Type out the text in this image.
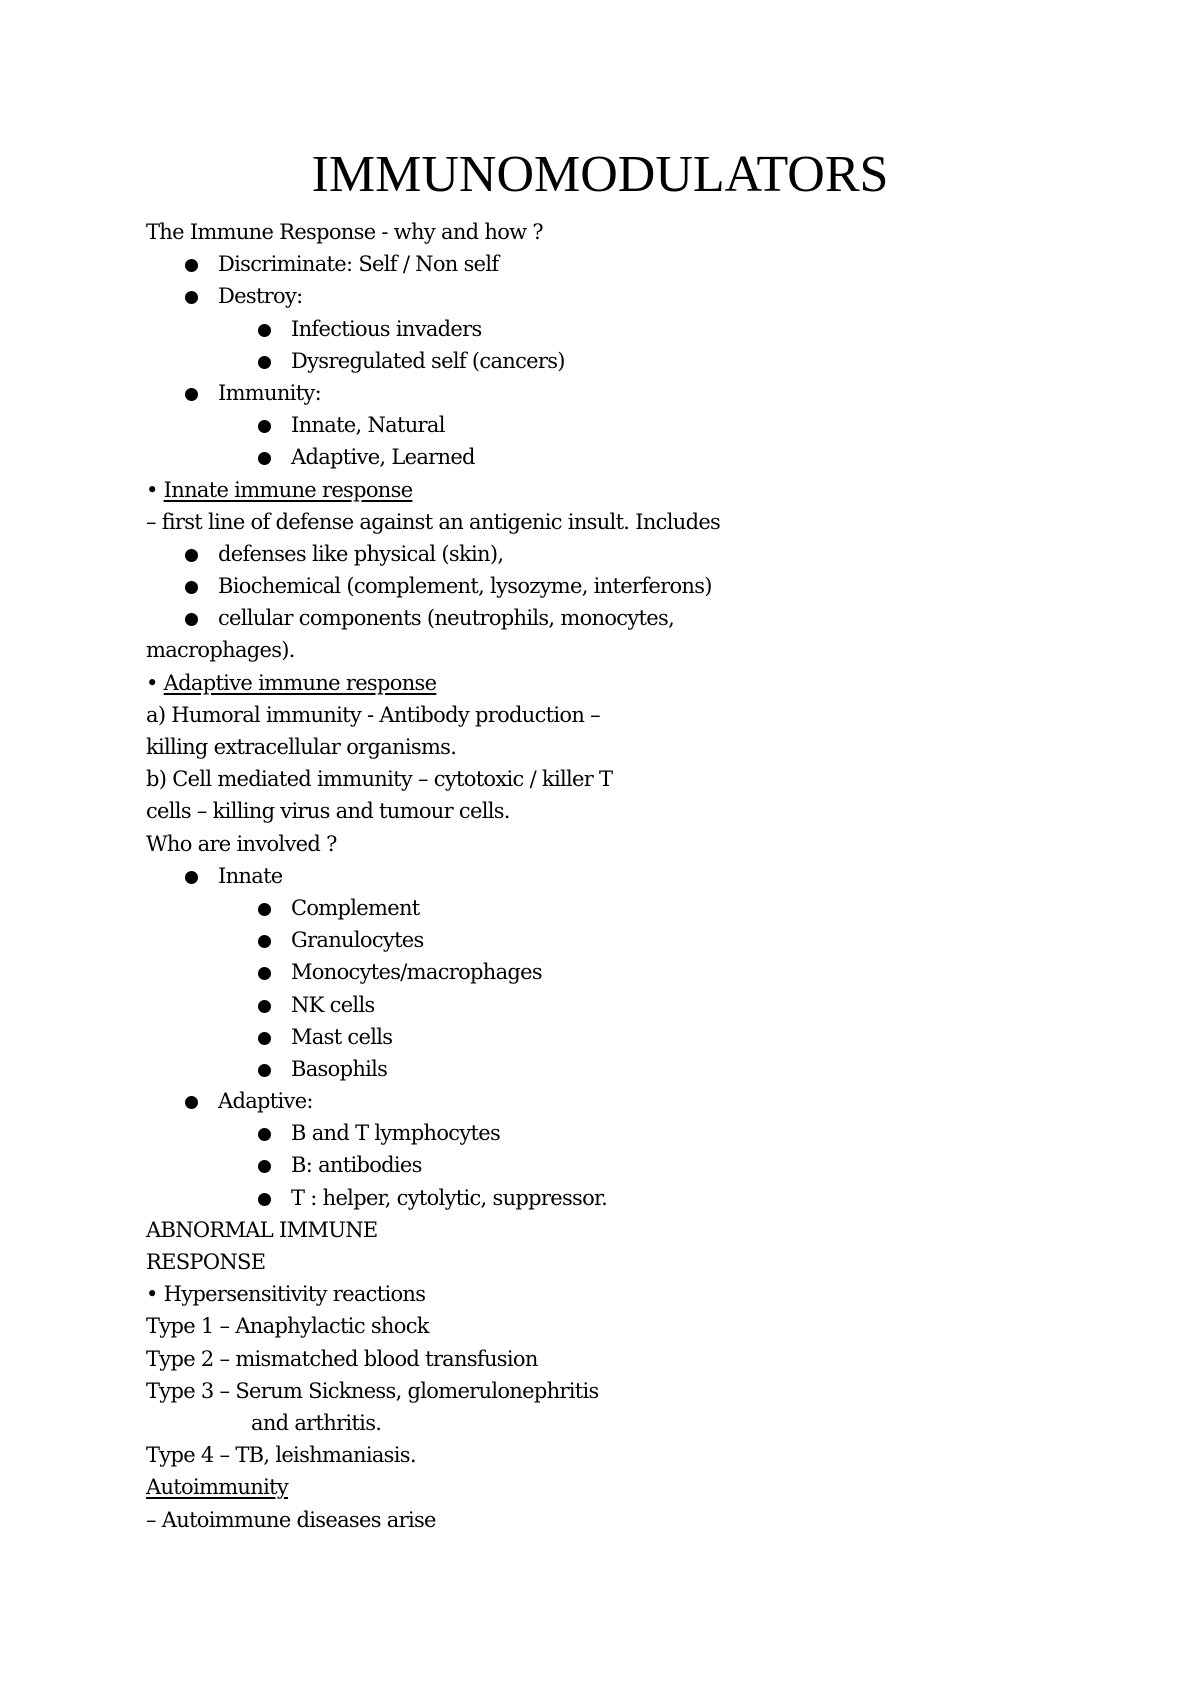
IMMUNOMODULATORS
The Immune Response - why and how ?
Discriminate: Self / Non self
Destroy:
Infectious invaders
Dysregulated self (cancers)
Immunity:
Innate, Natural
Adaptive, Learned
• Innate immune response
– first line of defense against an antigenic insult. Includes
defenses like physical (skin),
Biochemical (complement, lysozyme, interferons)
cellular components (neutrophils, monocytes,
macrophages).
• Adaptive immune response
a) Humoral immunity - Antibody production –
killing extracellular organisms.
b) Cell mediated immunity – cytotoxic / killer T
cells – killing virus and tumour cells.
Who are involved ?
Innate
Complement
Granulocytes
Monocytes/macrophages
NK cells
Mast cells
Basophils
Adaptive:
B and T lymphocytes
B: antibodies
T : helper, cytolytic, suppressor.
ABNORMAL IMMUNE
RESPONSE
• Hypersensitivity reactions
Type 1 – Anaphylactic shock
Type 2 – mismatched blood transfusion
Type 3 – Serum Sickness, glomerulonephritis
and arthritis.
Type 4 – TB, leishmaniasis.
Autoimmunity
– Autoimmune diseases arise
